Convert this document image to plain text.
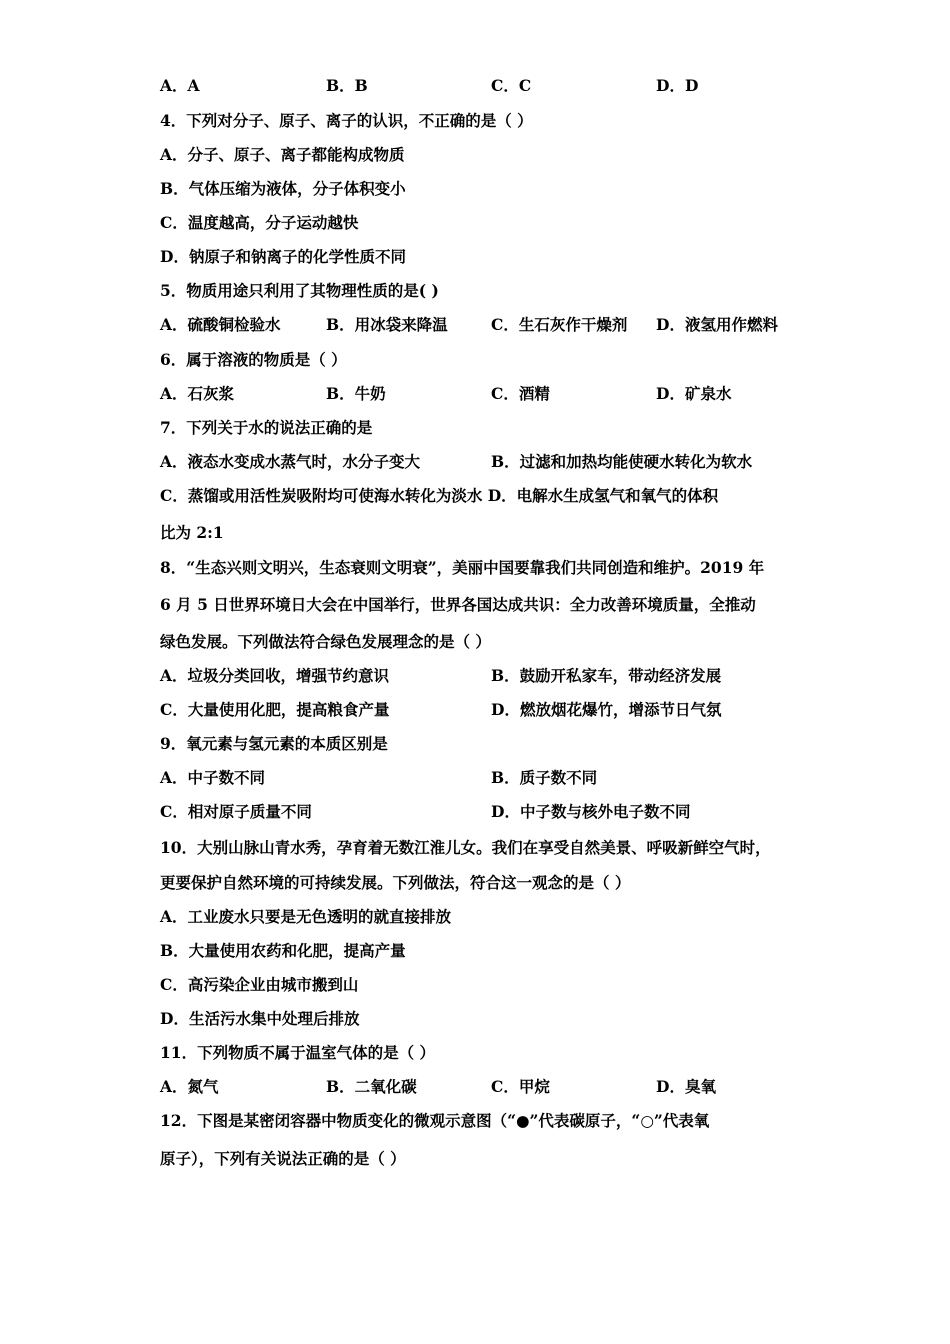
A．A	B．B	C．C	D．D
4．下列对分子、原子、离子的认识，不正确的是（ ）
A．分子、原子、离子都能构成物质
B．气体压缩为液体，分子体积变小
C．温度越高，分子运动越快
D．钠原子和钠离子的化学性质不同
5．物质用途只利用了其物理性质的是( )
A．硫酸铜检验水	B．用冰袋来降温	C．生石灰作干燥剂 D．液氢用作燃料
6．属于溶液的物质是（ ）
A．石灰浆	B．牛奶	C．酒精	D．矿泉水
7．下列关于水的说法正确的是
A．液态水变成水蒸气时，水分子变大	B．过滤和加热均能使硬水转化为软水
C．蒸馏或用活性炭吸附均可使海水转化为淡水 D．电解水生成氢气和氧气的体积
比为 2:1
8．“生态兴则文明兴，生态衰则文明衰”，美丽中国要靠我们共同创造和维护。2019 年
6 月 5 日世界环境日大会在中国举行，世界各国达成共识：全力改善环境质量，全推动
绿色发展。下列做法符合绿色发展理念的是（ ）
A．垃圾分类回收，增强节约意识	B．鼓励开私家车，带动经济发展
C．大量使用化肥，提高粮食产量	D．燃放烟花爆竹，增添节日气氛
9．氧元素与氢元素的本质区别是
A．中子数不同	B．质子数不同
C．相对原子质量不同	D．中子数与核外电子数不同
10．大别山脉山青水秀，孕育着无数江淮儿女。我们在享受自然美景、呼吸新鲜空气时，
更要保护自然环境的可持续发展。下列做法，符合这一观念的是（ ）
A．工业废水只要是无色透明的就直接排放
B．大量使用农药和化肥，提高产量
C．高污染企业由城市搬到山
D．生活污水集中处理后排放
11．下列物质不属于温室气体的是（ ）
A．氮气	B．二氧化碳	C．甲烷	D．臭氧
12．下图是某密闭容器中物质变化的微观示意图（“●”代表碳原子，“○”代表氧
原子），下列有关说法正确的是（ ）
